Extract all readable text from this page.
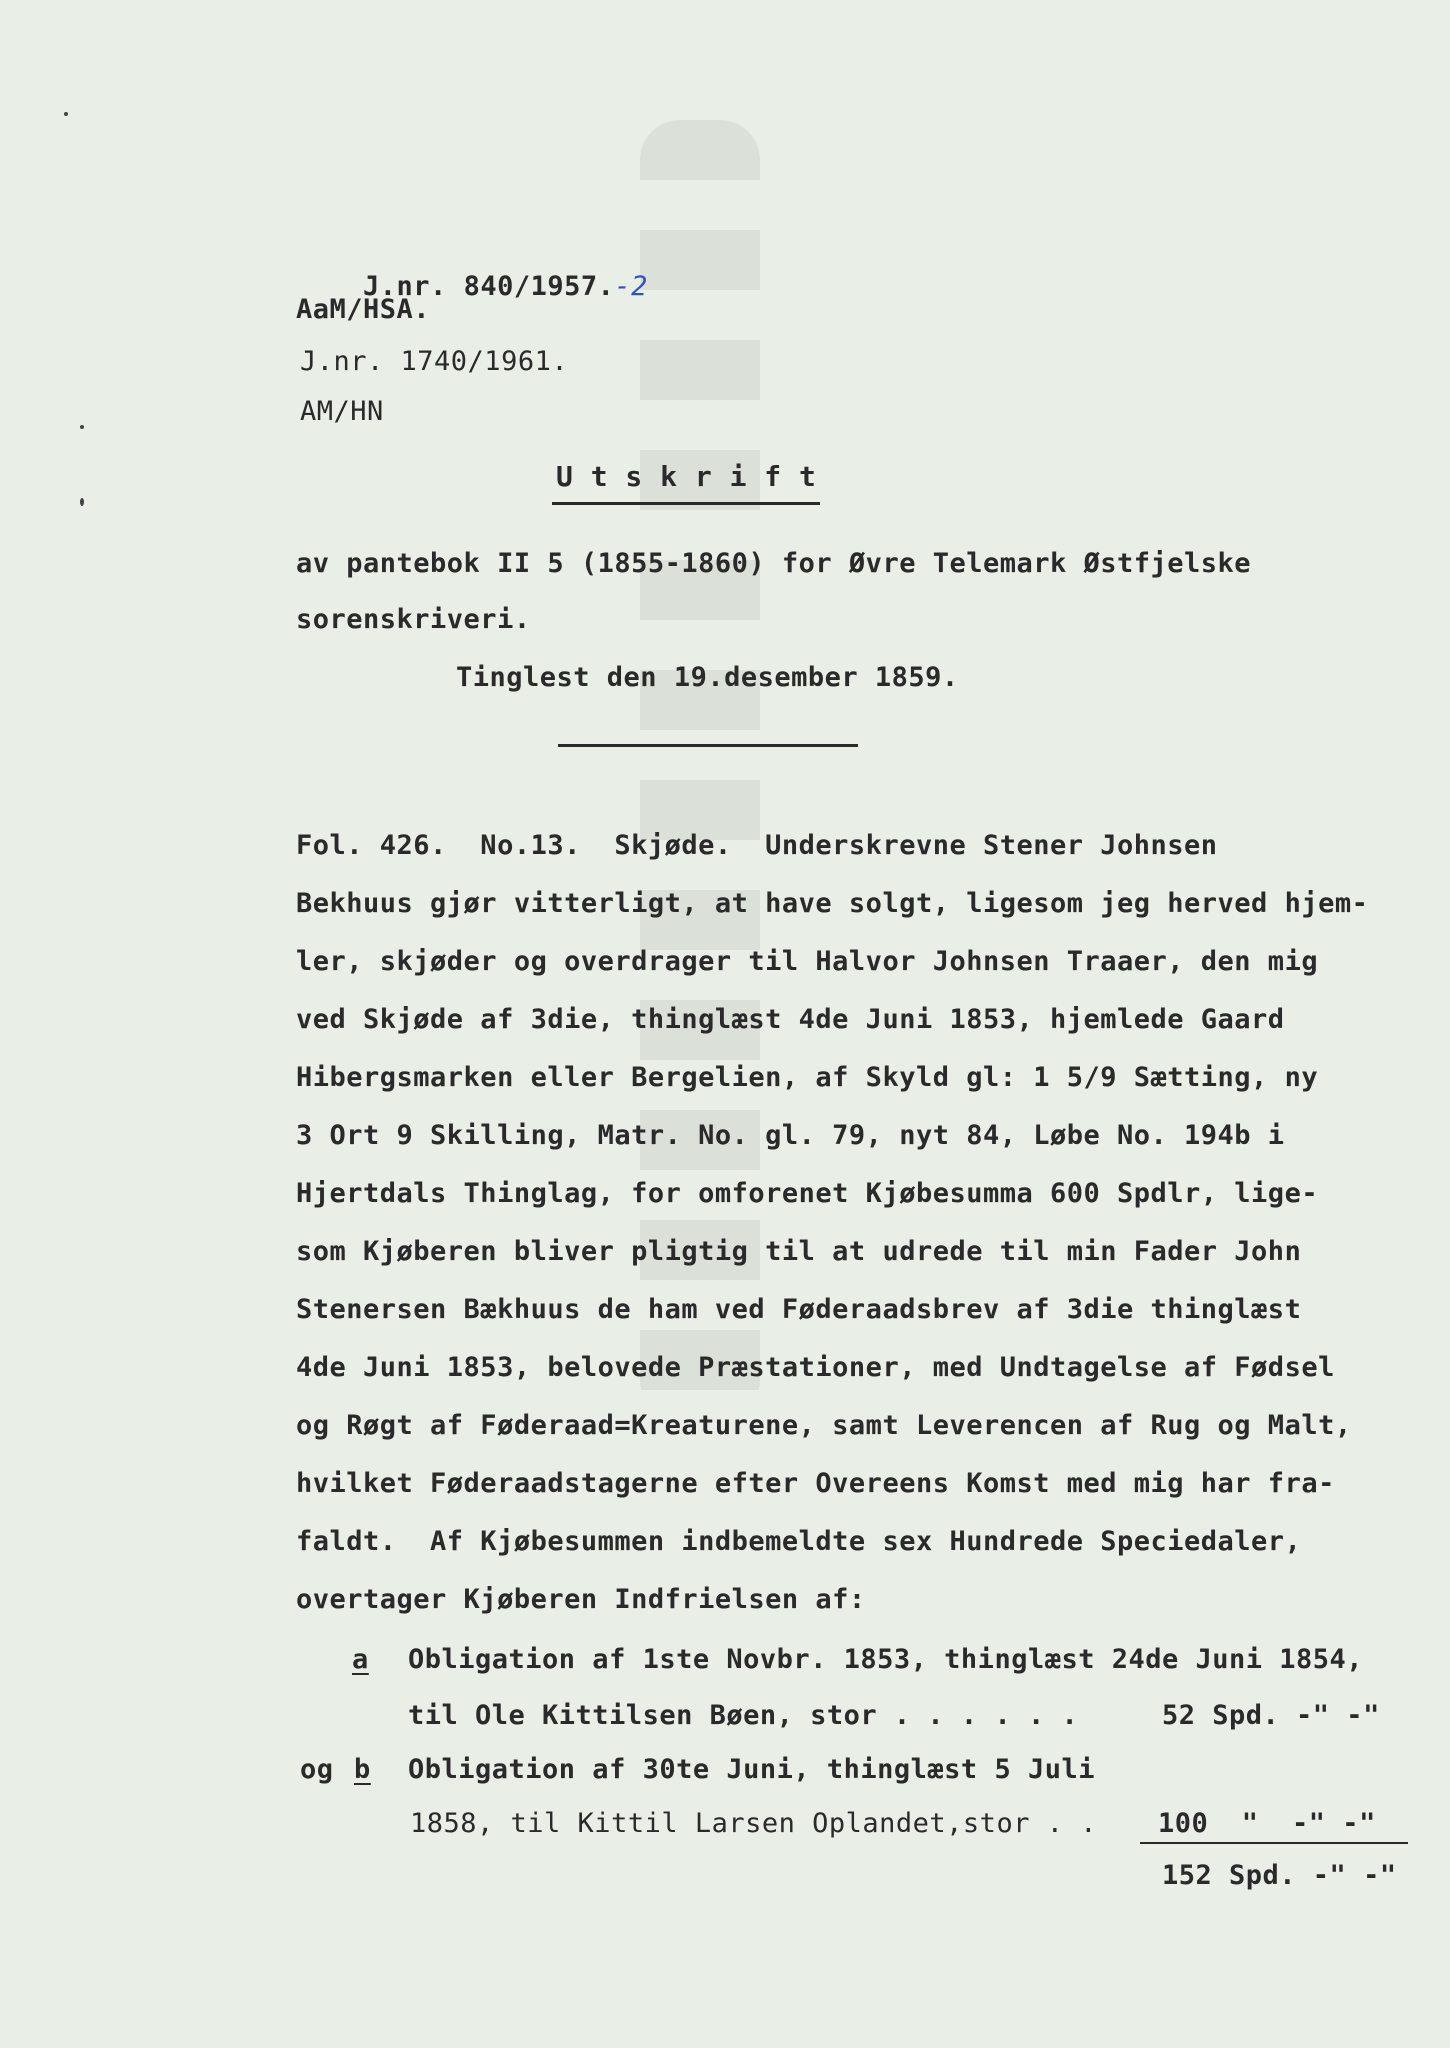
J.nr. 840/1957.-2

AaM/HSA.
J.nr. 1740/1961.
AM/HN
U t s k r i f t
av pantebok II 5 (1855-1860) for Øvre Telemark Østfjelske
sorenskriveri.
Tinglest den 19.desember 1859.
Fol. 426.  No.13.  Skjøde.  Underskrevne Stener Johnsen
Bekhuus gjør vitterligt, at have solgt, ligesom jeg herved hjem-
ler, skjøder og overdrager til Halvor Johnsen Traaer, den mig
ved Skjøde af 3die, thinglæst 4de Juni 1853, hjemlede Gaard
Hibergsmarken eller Bergelien, af Skyld gl: 1 5/9 Sætting, ny
3 Ort 9 Skilling, Matr. No. gl. 79, nyt 84, Løbe No. 194b i
Hjertdals Thinglag, for omforenet Kjøbesumma 600 Spdlr, lige-
som Kjøberen bliver pligtig til at udrede til min Fader John
Stenersen Bækhuus de ham ved Føderaadsbrev af 3die thinglæst
4de Juni 1853, belovede Præstationer, med Undtagelse af Fødsel
og Røgt af Føderaad=Kreaturene, samt Leverencen af Rug og Malt,
hvilket Føderaadstagerne efter Overeens Komst med mig har fra-
faldt.  Af Kjøbesummen indbemeldte sex Hundrede Speciedaler,
overtager Kjøberen Indfrielsen af:
a Obligation af 1ste Novbr. 1853, thinglæst 24de Juni 1854,
til Ole Kittilsen Bøen, stor . . . . . .	52 Spd. -" -"
og b Obligation af 30te Juni, thinglæst 5 Juli
1858, til Kittil Larsen Oplandet,stor . . 100  "  -" -"
152 Spd. -" -"
